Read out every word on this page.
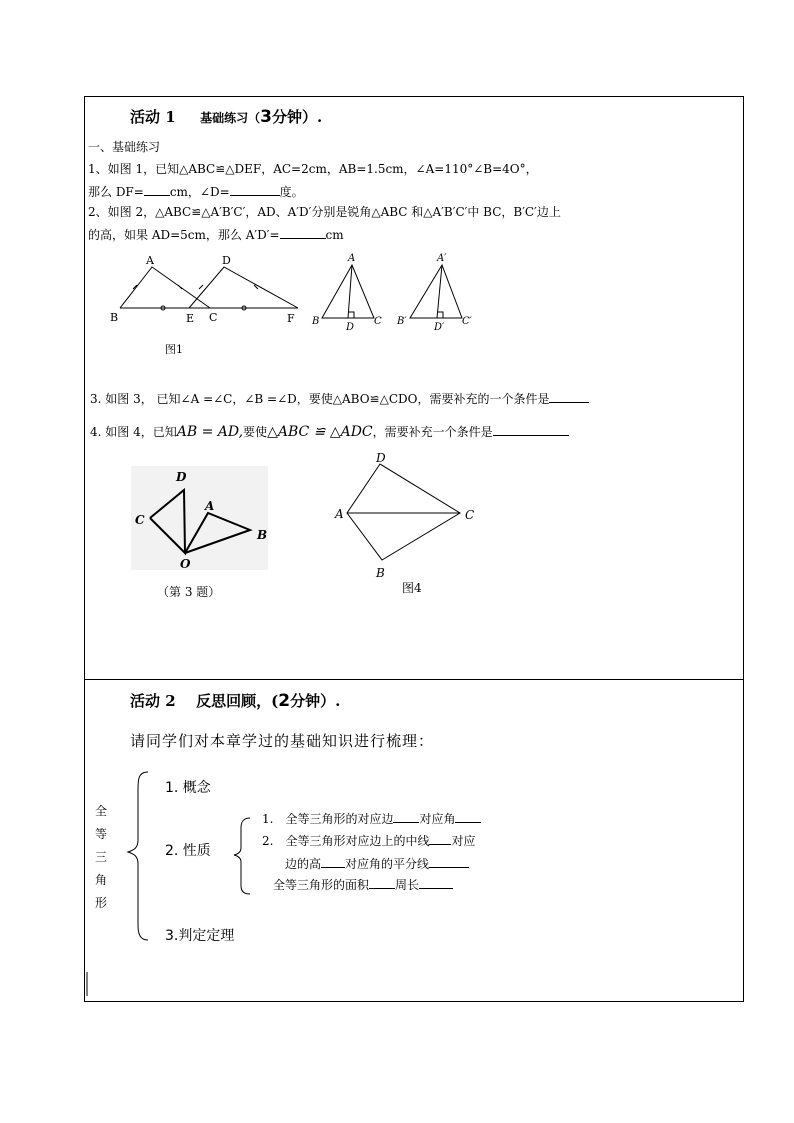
活动 1 基础练习（3分钟）.
一、基础练习
1、如图 1，已知△ABC≌△DEF，AC=2cm，AB=1.5cm，∠A=110°∠B=4O°，
那么 DF= cm，∠D=	度。
2、如图 2，△ABC≌△A′B′C′，AD、A′D′分别是锐角△ABC 和△A′B′C′中 BC，B′C′边上
的高，如果 AD=5cm，那么 A′D′=	cm
A	D
B	E C	F
图1
A
B	C
D
A′
B′	C′
D′
3. 如图 3， 已知∠A =∠C，∠B =∠D，要使△ABO≌△CDO，需要补充的一个条件是
4. 如图 4，已知AB = AD,要使△ABC ≌ △ADC，需要补充一个条件是
D
A
C
B
O
（第 3 题）
D
A	C
B
图4
活动 2 反思回顾，(2分钟）.
请同学们对本章学过的基础知识进行梳理：
全
等
三
角
形
1. 概念
2. 性质
3.判定定理
1. 全等三角形的对应边 对应角
2. 全等三角形对应边上的中线 对应
边的高 对应角的平分线
全等三角形的面积 周长
